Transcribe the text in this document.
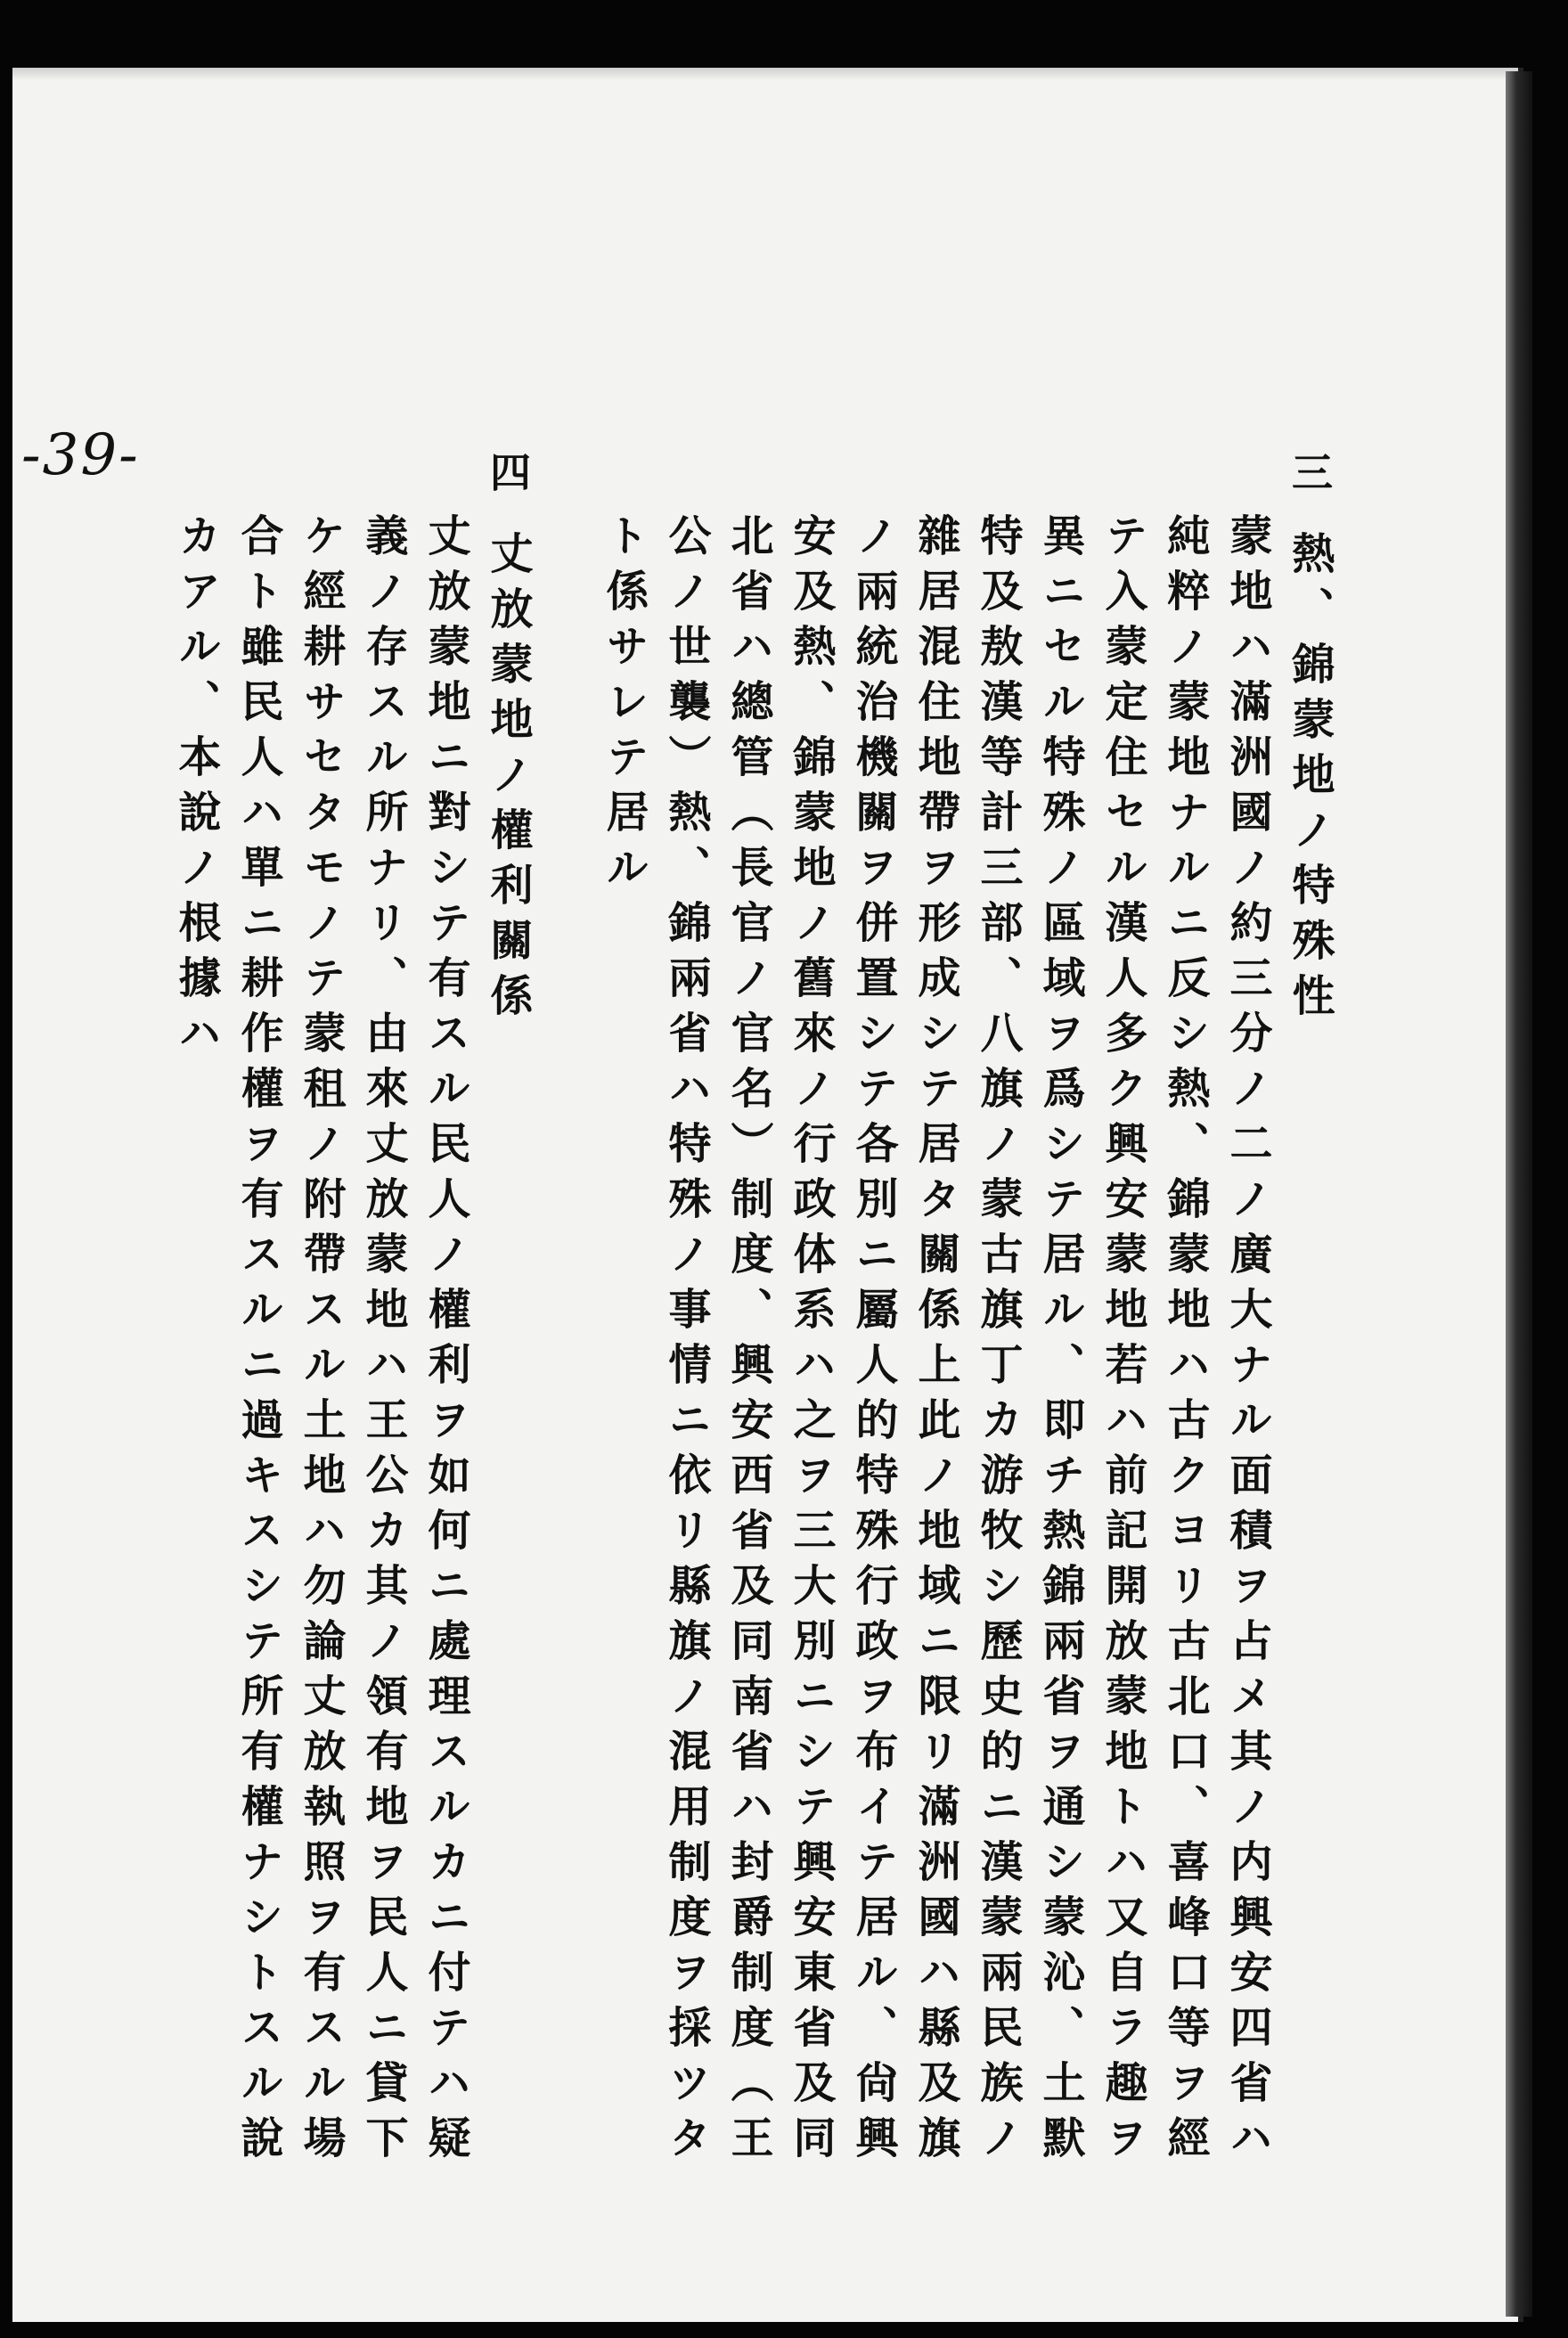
-39-	三
熱、錦蒙地ノ特殊性
蒙地ハ滿洲國ノ約三分ノ二ノ廣大ナル面積ヲ占メ其ノ内興安四省ハ
純粹ノ蒙地ナルニ反シ熱、錦蒙地ハ古クヨリ古北口、喜峰口等ヲ經
テ入蒙定住セル漢人多ク興安蒙地若ハ前記開放蒙地トハ又自ラ趣ヲ
異ニセル特殊ノ區域ヲ爲シテ居ル、即チ熱錦兩省ヲ通シ蒙沁、土默
特及敖漢等計三部、八旗ノ蒙古旗丁カ游牧シ歷史的ニ漢蒙兩民族ノ
雜居混住地帶ヲ形成シテ居タ關係上此ノ地域ニ限リ滿洲國ハ縣及旗
ノ兩統治機關ヲ併置シテ各別ニ屬人的特殊行政ヲ布イテ居ル、尙興
安及熱、錦蒙地ノ舊來ノ行政体系ハ之ヲ三大別ニシテ興安東省及同
北省ハ總管（長官ノ官名）制度、興安西省及同南省ハ封爵制度（王
公ノ世襲）熱、錦兩省ハ特殊ノ事情ニ依リ縣旗ノ混用制度ヲ採ツタ
ト係サレテ居ル
四
丈放蒙地ノ權利關係
丈放蒙地ニ對シテ有スル民人ノ權利ヲ如何ニ處理スルカニ付テハ疑
義ノ存スル所ナリ、由來丈放蒙地ハ王公カ其ノ領有地ヲ民人ニ貸下
ケ經耕サセタモノテ蒙租ノ附帶スル土地ハ勿論丈放執照ヲ有スル場
合ト雖民人ハ單ニ耕作權ヲ有スルニ過キスシテ所有權ナシトスル說
カアル、本說ノ根據ハ
